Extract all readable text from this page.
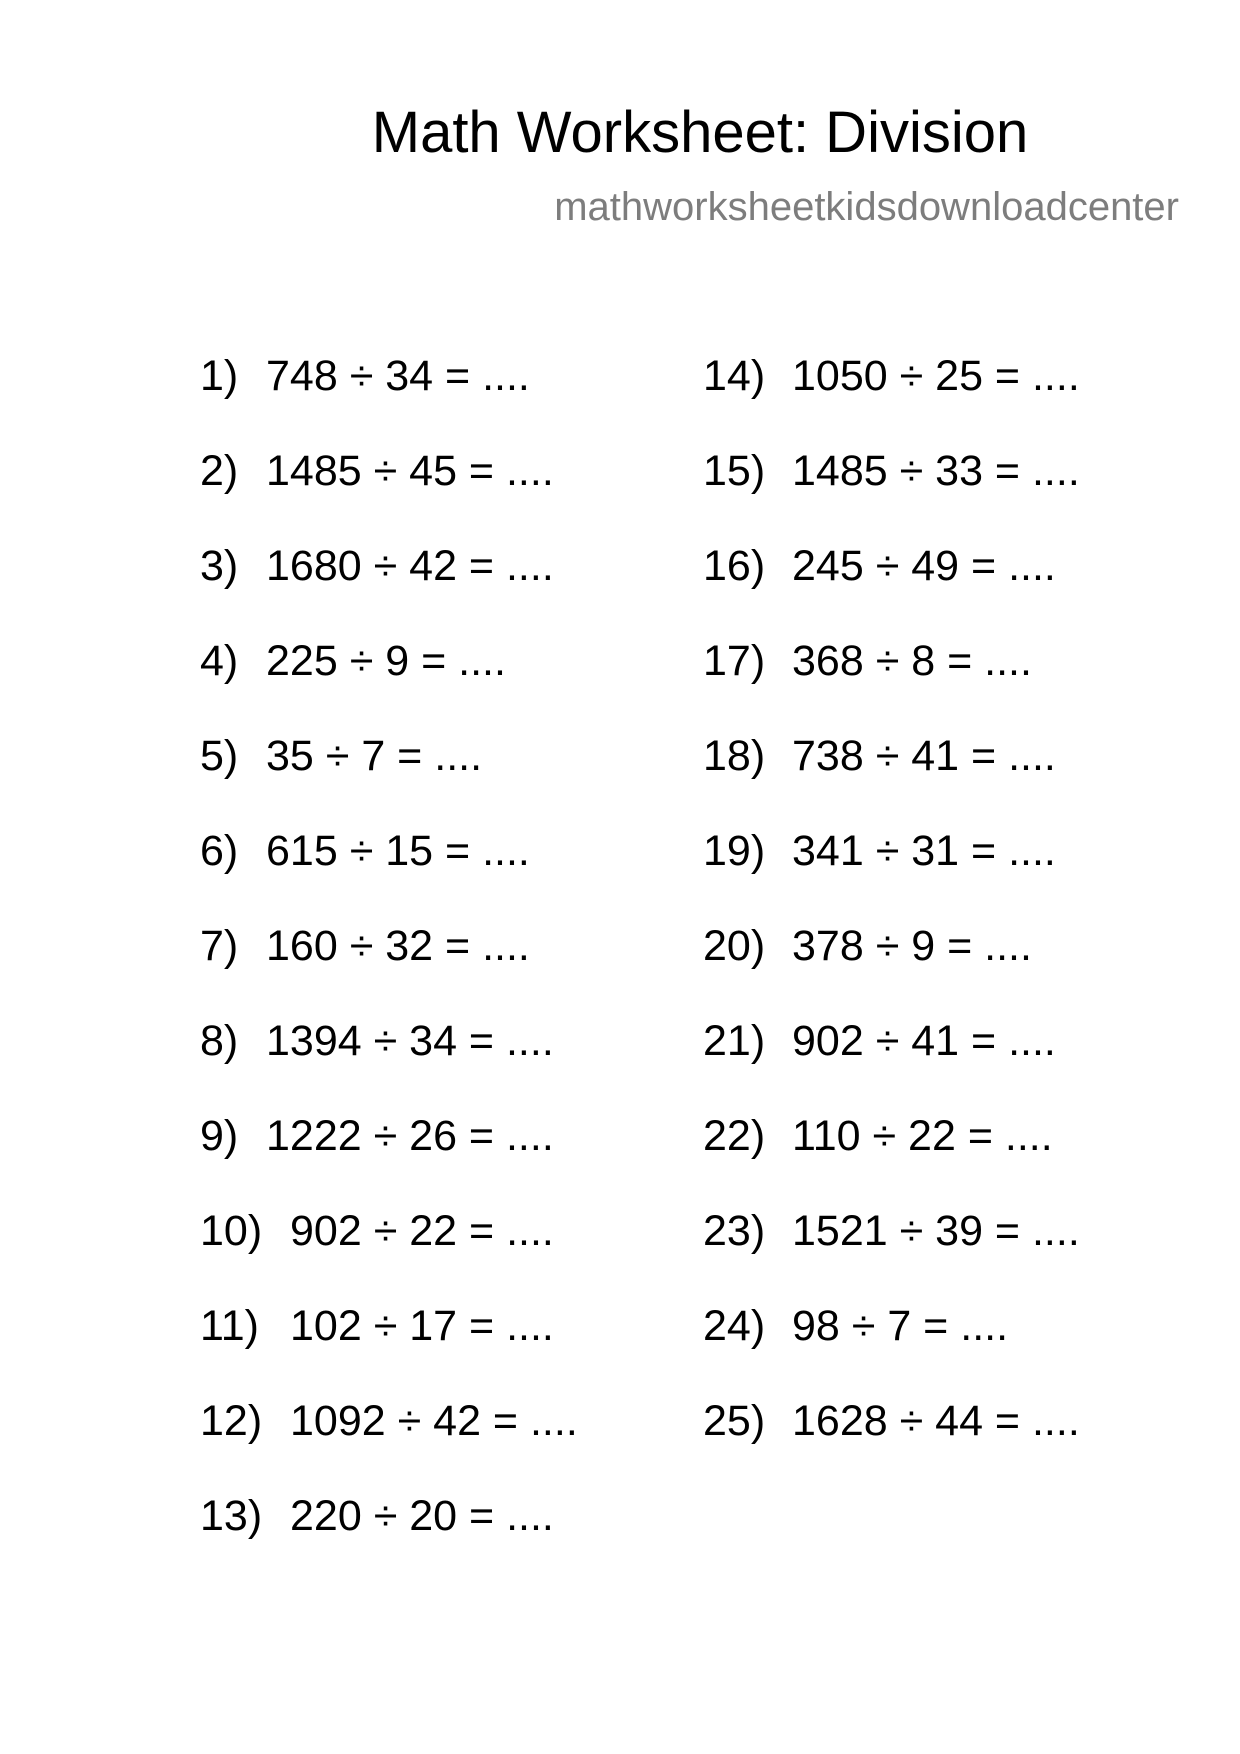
Math Worksheet: Division
mathworksheetkidsdownloadcenter
1) 748 ÷ 34 = ....
2) 1485 ÷ 45 = ....
3) 1680 ÷ 42 = ....
4) 225 ÷ 9 = ....
5) 35 ÷ 7 = ....
6) 615 ÷ 15 = ....
7) 160 ÷ 32 = ....
8) 1394 ÷ 34 = ....
9) 1222 ÷ 26 = ....
10) 902 ÷ 22 = ....
11) 102 ÷ 17 = ....
12) 1092 ÷ 42 = ....
13) 220 ÷ 20 = ....
14) 1050 ÷ 25 = ....
15) 1485 ÷ 33 = ....
16) 245 ÷ 49 = ....
17) 368 ÷ 8 = ....
18) 738 ÷ 41 = ....
19) 341 ÷ 31 = ....
20) 378 ÷ 9 = ....
21) 902 ÷ 41 = ....
22) 110 ÷ 22 = ....
23) 1521 ÷ 39 = ....
24) 98 ÷ 7 = ....
25) 1628 ÷ 44 = ....
